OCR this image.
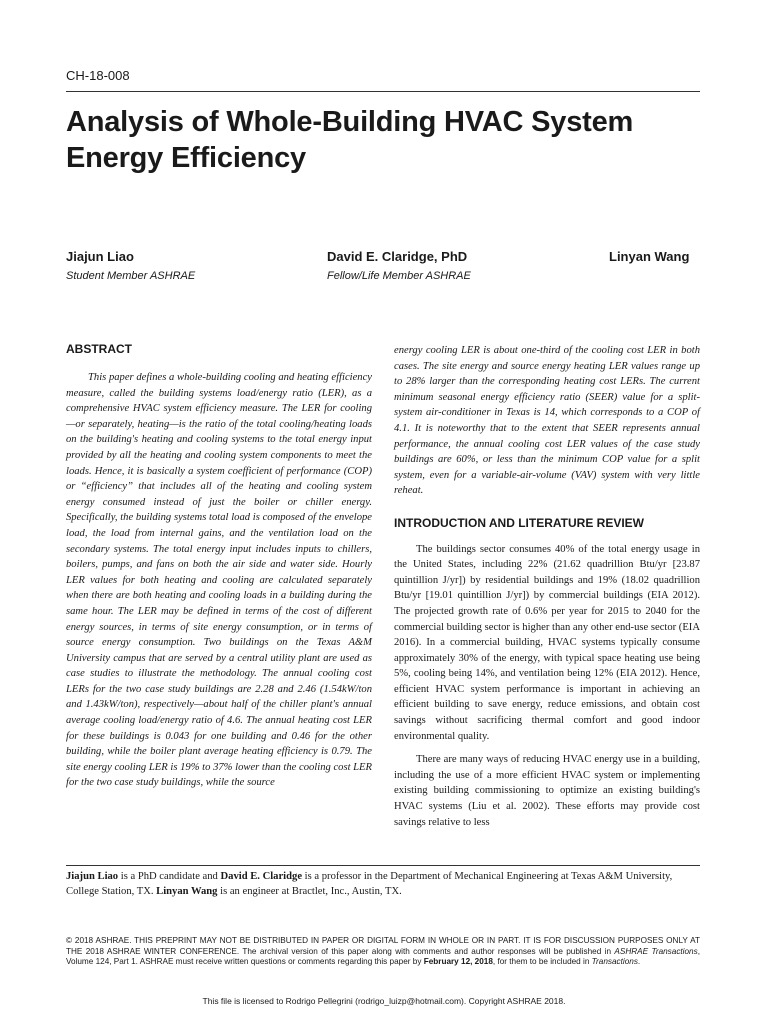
CH-18-008
Analysis of Whole-Building HVAC System Energy Efficiency
Jiajun Liao
Student Member ASHRAE
David E. Claridge, PhD
Fellow/Life Member ASHRAE
Linyan Wang
ABSTRACT

This paper defines a whole-building cooling and heating efficiency measure, called the building systems load/energy ratio (LER), as a comprehensive HVAC system efficiency measure. The LER for cooling—or separately, heating—is the ratio of the total cooling/heating loads on the building's heating and cooling systems to the total energy input provided by all the heating and cooling system components to meet the loads. Hence, it is basically a system coefficient of performance (COP) or “efficiency” that includes all of the heating and cooling system energy consumed instead of just the boiler or chiller energy. Specifically, the building systems total load is composed of the envelope load, the load from internal gains, and the ventilation load on the secondary systems. The total energy input includes inputs to chillers, boilers, pumps, and fans on both the air side and water side. Hourly LER values for both heating and cooling are calculated separately when there are both heating and cooling loads in a building during the same hour. The LER may be defined in terms of the cost of different energy sources, in terms of site energy consumption, or in terms of source energy consumption. Two buildings on the Texas A&M University campus that are served by a central utility plant are used as case studies to illustrate the methodology. The annual cooling cost LERs for the two case study buildings are 2.28 and 2.46 (1.54kW/ton and 1.43kW/ton), respectively—about half of the chiller plant's annual average cooling load/energy ratio of 4.6. The annual heating cost LER for these buildings is 0.043 for one building and 0.46 for the other building, while the boiler plant average heating efficiency is 0.79. The site energy cooling LER is 19% to 37% lower than the cooling cost LER for the two case study buildings, while the source

energy cooling LER is about one-third of the cooling cost LER in both cases. The site energy and source energy heating LER values range up to 28% larger than the corresponding heating cost LERs. The current minimum seasonal energy efficiency ratio (SEER) value for a split-system air-conditioner in Texas is 14, which corresponds to a COP of 4.1. It is noteworthy that to the extent that SEER represents annual performance, the annual cooling cost LER values of the case study buildings are 60%, or less than the minimum COP value for a split system, even for a variable-air-volume (VAV) system with very little reheat.

INTRODUCTION AND LITERATURE REVIEW

The buildings sector consumes 40% of the total energy usage in the United States, including 22% (21.62 quadrillion Btu/yr [23.87 quintillion J/yr]) by residential buildings and 19% (18.02 quadrillion Btu/yr [19.01 quintillion J/yr]) by commercial buildings (EIA 2012). The projected growth rate of 0.6% per year for 2015 to 2040 for the commercial building sector is higher than any other end-use sector (EIA 2016). In a commercial building, HVAC systems typically consume approximately 30% of the energy, with typical space heating use being 5%, cooling being 14%, and ventilation being 12% (EIA 2012). Hence, efficient HVAC system performance is important in achieving an efficient building to save energy, reduce emissions, and obtain cost savings without sacrificing thermal comfort and good indoor environmental quality.

There are many ways of reducing HVAC energy use in a building, including the use of a more efficient HVAC system or implementing existing building commissioning to optimize an existing building's HVAC systems (Liu et al. 2002). These efforts may provide cost savings relative to less

Jiajun Liao is a PhD candidate and David E. Claridge is a professor in the Department of Mechanical Engineering at Texas A&M University, College Station, TX. Linyan Wang is an engineer at Bractlet, Inc., Austin, TX.
© 2018 ASHRAE. THIS PREPRINT MAY NOT BE DISTRIBUTED IN PAPER OR DIGITAL FORM IN WHOLE OR IN PART. IT IS FOR DISCUSSION PURPOSES ONLY AT THE 2018 ASHRAE WINTER CONFERENCE. The archival version of this paper along with comments and author responses will be published in ASHRAE Transactions, Volume 124, Part 1. ASHRAE must receive written questions or comments regarding this paper by February 12, 2018, for them to be included in Transactions.
This file is licensed to Rodrigo Pellegrini (rodrigo_luizp@hotmail.com). Copyright ASHRAE 2018.
